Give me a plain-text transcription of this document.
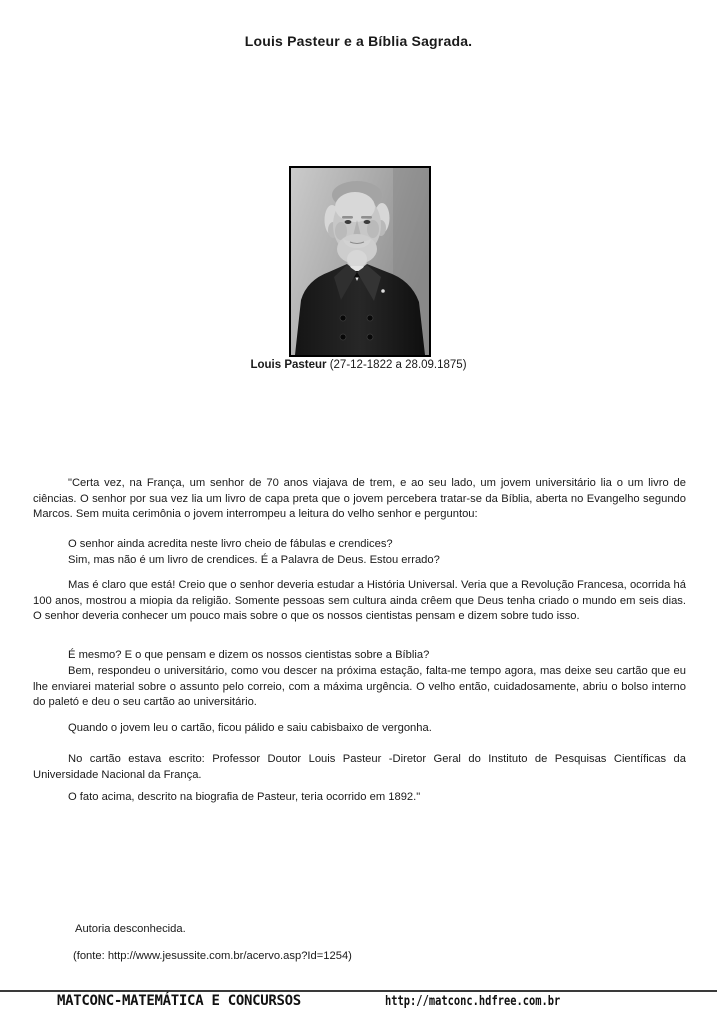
Louis Pasteur e a Bíblia Sagrada.
Louis Pasteur (27-12-1822 a 28.09.1875)

"Certa vez, na França, um senhor de 70 anos viajava de trem, e ao seu lado, um jovem universitário lia o um livro de ciências. O senhor por sua vez lia um livro de capa preta que o jovem percebera tratar-se da Bíblia, aberta no Evangelho segundo Marcos. Sem muita cerimônia o jovem interrompeu a leitura do velho senhor e perguntou:

O senhor ainda acredita neste livro cheio de fábulas e crendices?

Sim, mas não é um livro de crendices. É a Palavra de Deus. Estou errado?

Mas é claro que está! Creio que o senhor deveria estudar a História Universal. Veria que a Revolução Francesa, ocorrida há 100 anos, mostrou a miopia da religião. Somente pessoas sem cultura ainda crêem que Deus tenha criado o mundo em seis dias. O senhor deveria conhecer um pouco mais sobre o que os nossos cientistas pensam e dizem sobre tudo isso.

É mesmo? E o que pensam e dizem os nossos cientistas sobre a Bíblia?

Bem, respondeu o universitário, como vou descer na próxima estação, falta-me tempo agora, mas deixe seu cartão que eu lhe enviarei material sobre o assunto pelo correio, com a máxima urgência. O velho então, cuidadosamente, abriu o bolso interno do paletó e deu o seu cartão ao universitário.

Quando o jovem leu o cartão, ficou pálido e saiu cabisbaixo de vergonha.

No cartão estava escrito: Professor Doutor Louis Pasteur -Diretor Geral do Instituto de Pesquisas Científicas da Universidade Nacional da França.

O fato acima, descrito na biografia de Pasteur, teria ocorrido em 1892."

Autoria desconhecida.
(fonte: http://www.jesussite.com.br/acervo.asp?Id=1254)
MATCONC-MATEMÁTICA E CONCURSOS	http://matconc.hdfree.com.br
